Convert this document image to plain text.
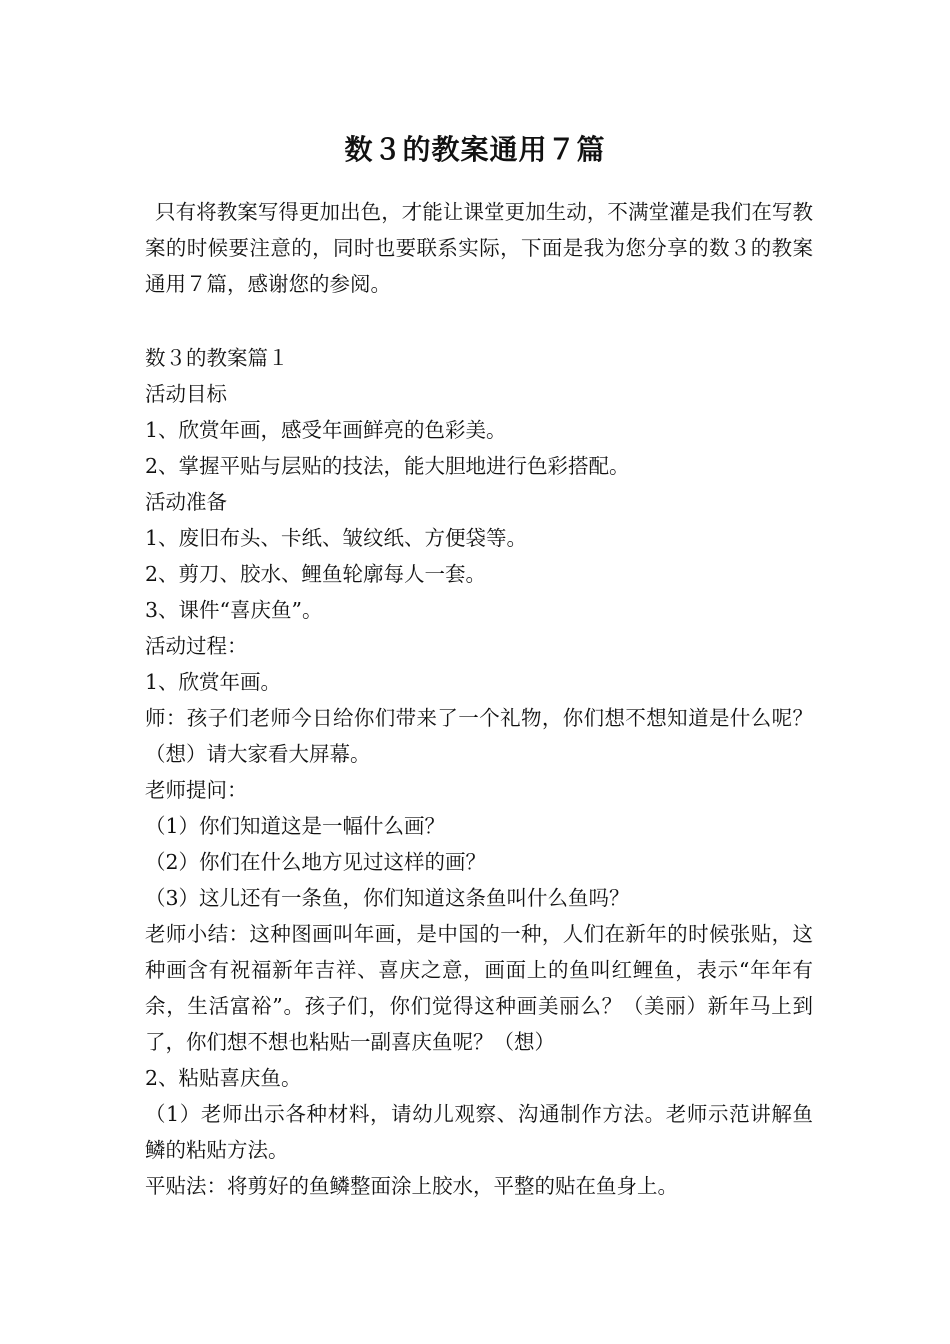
数３的教案通用７篇
只有将教案写得更加出色，才能让课堂更加生动，不满堂灌是我们在写教案的时候要注意的，同时也要联系实际，下面是我为您分享的数３的教案通用７篇，感谢您的参阅。
数３的教案篇１
活动目标
1、欣赏年画，感受年画鲜亮的色彩美。
2、掌握平贴与层贴的技法，能大胆地进行色彩搭配。
活动准备
1、废旧布头、卡纸、皱纹纸、方便袋等。
2、剪刀、胶水、鲤鱼轮廓每人一套。
3、课件“喜庆鱼”。
活动过程：
1、欣赏年画。
师：孩子们老师今日给你们带来了一个礼物，你们想不想知道是什么呢？（想）请大家看大屏幕。
老师提问：
（1）你们知道这是一幅什么画？
（2）你们在什么地方见过这样的画？
（3）这儿还有一条鱼，你们知道这条鱼叫什么鱼吗？
老师小结：这种图画叫年画，是中国的一种，人们在新年的时候张贴，这种画含有祝福新年吉祥、喜庆之意，画面上的鱼叫红鲤鱼，表示“年年有余，生活富裕”。孩子们，你们觉得这种画美丽么？（美丽）新年马上到了，你们想不想也粘贴一副喜庆鱼呢？（想）
2、粘贴喜庆鱼。
（1）老师出示各种材料，请幼儿观察、沟通制作方法。老师示范讲解鱼鳞的粘贴方法。
平贴法：将剪好的鱼鳞整面涂上胶水，平整的贴在鱼身上。
